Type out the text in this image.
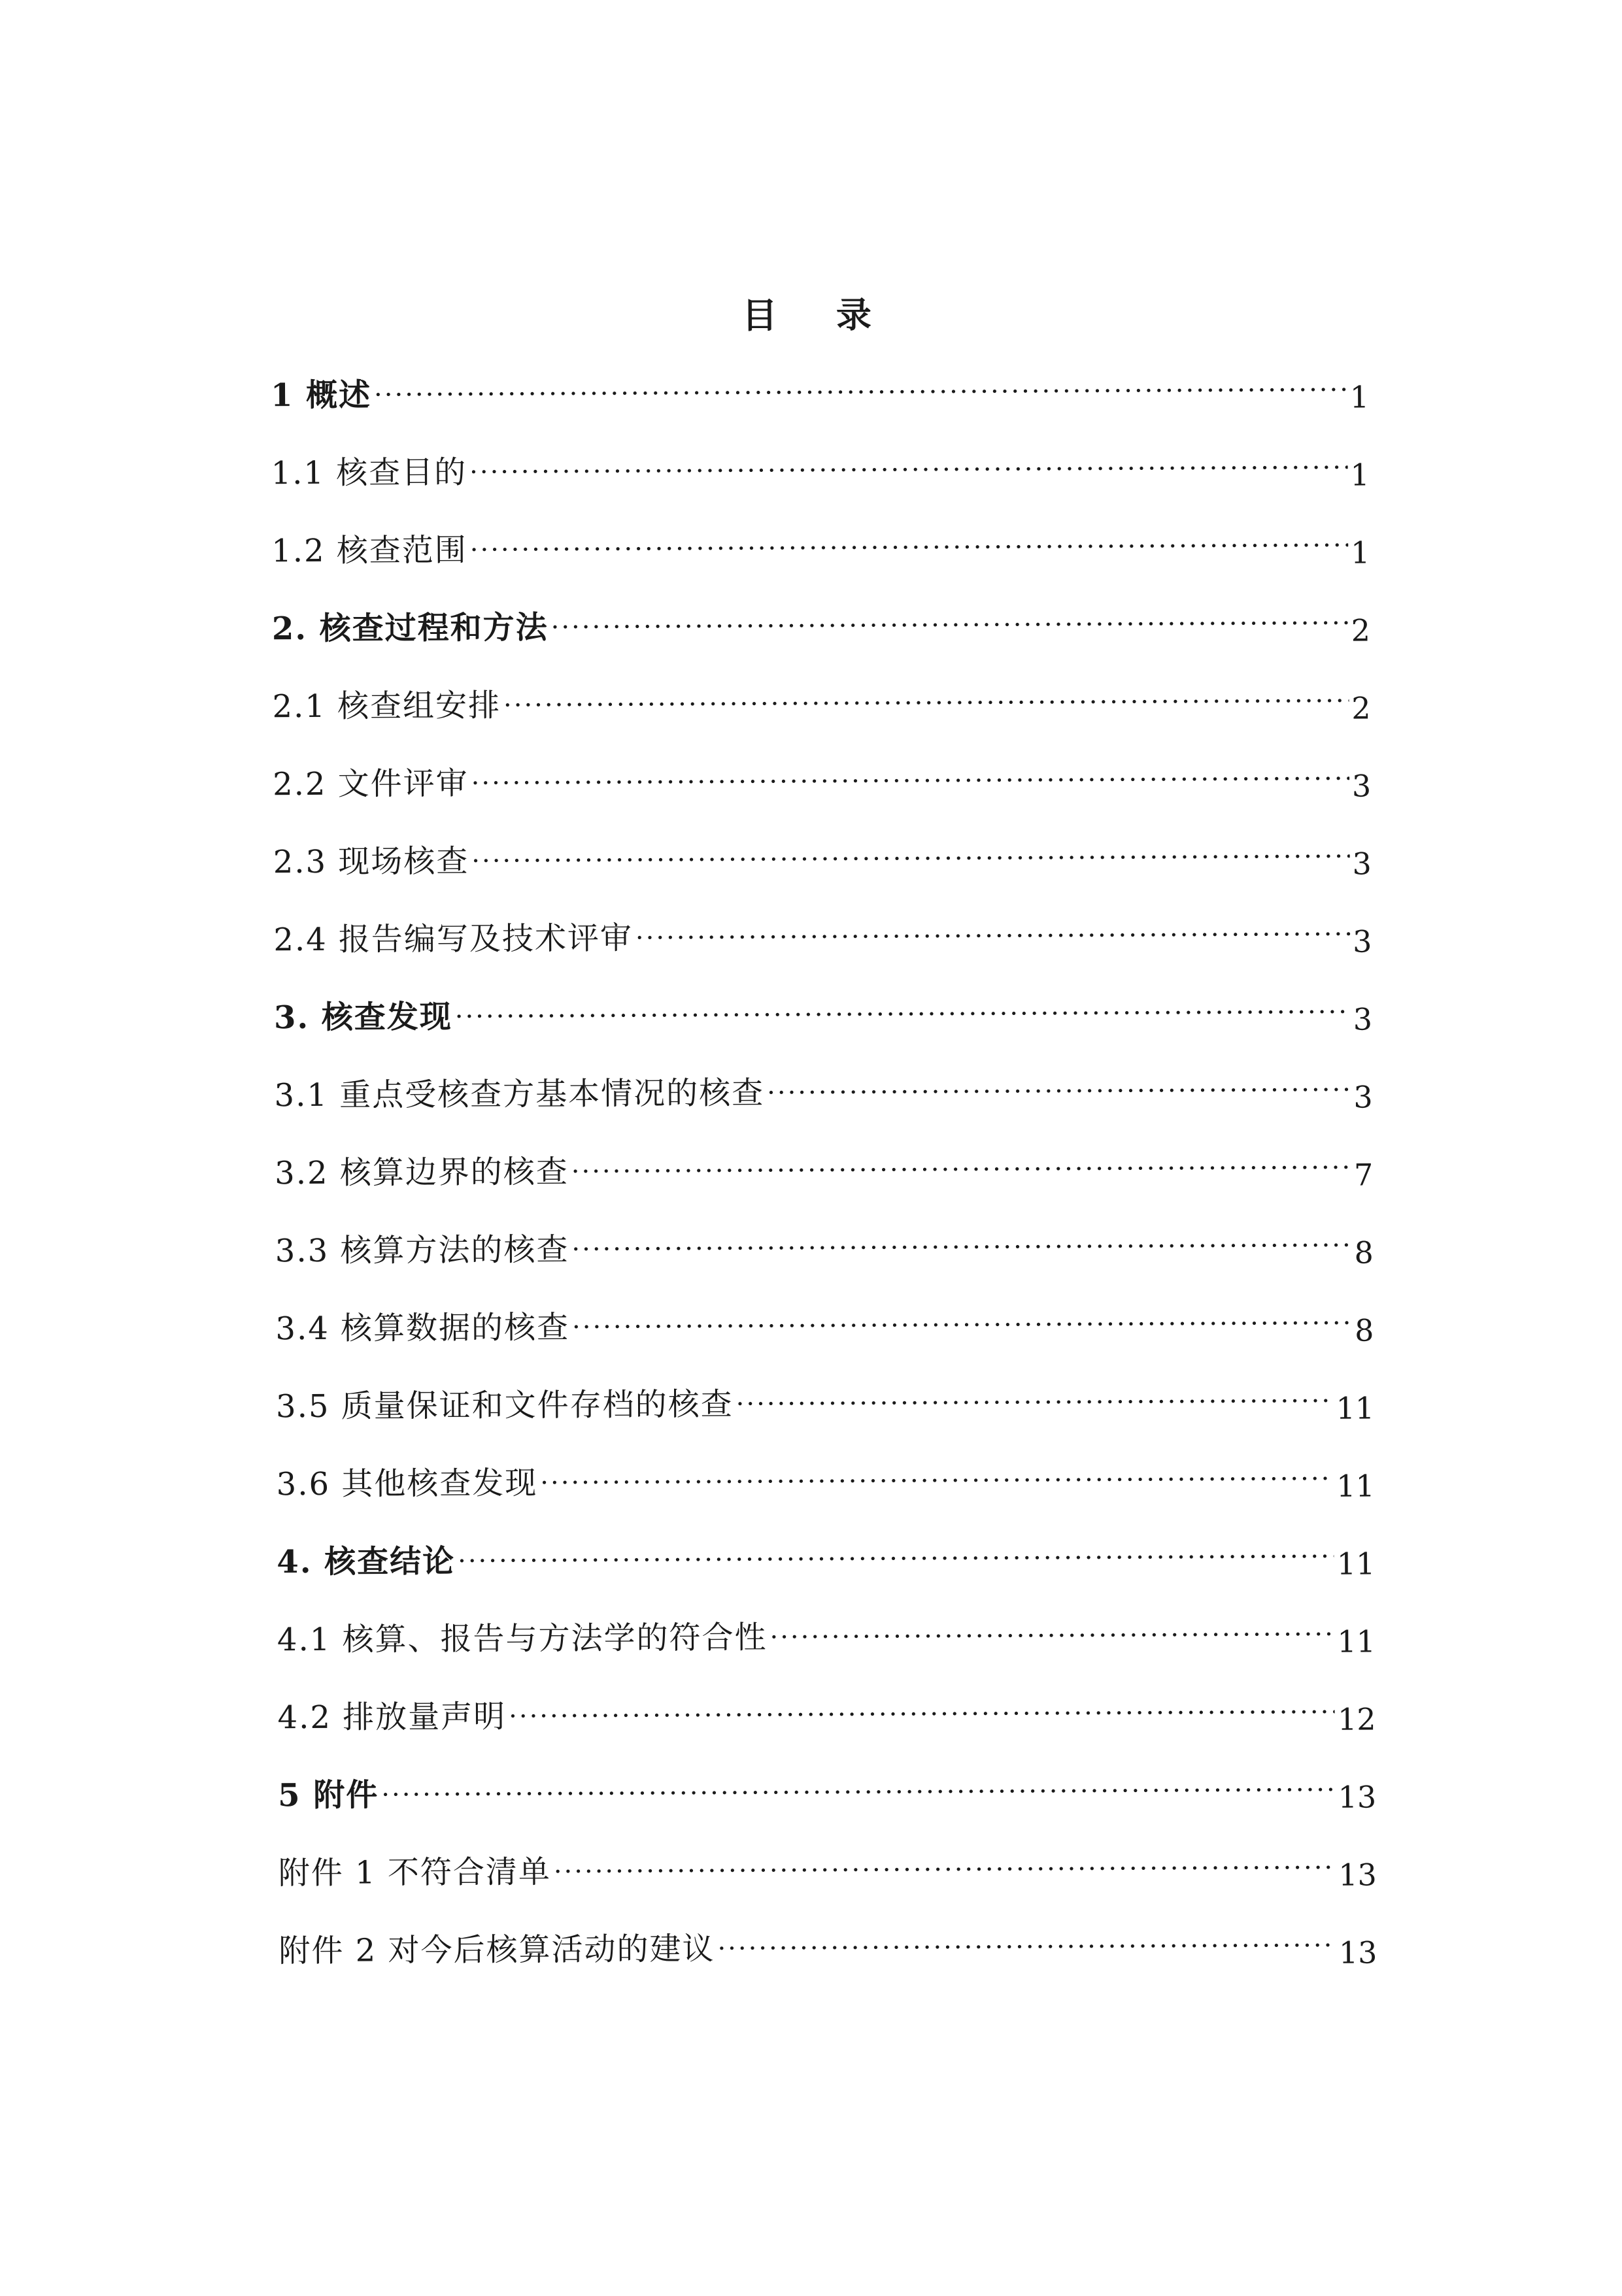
目录
1 概述 ·····	1
1.1 核查目的 ·····	1
1.2 核查范围 ·····	1
2. 核查过程和方法 ·····	2
2.1 核查组安排 ·····	2
2.2 文件评审 ·····	3
2.3 现场核查 ·····	3
2.4 报告编写及技术评审 ·····	3
3. 核查发现 ·····	3
3.1 重点受核查方基本情况的核查 ·····	3
3.2 核算边界的核查 ·····	7
3.3 核算方法的核查 ·····	8
3.4 核算数据的核查 ·····	8
3.5 质量保证和文件存档的核查 ·····	11
3.6 其他核查发现 ·····	11
4. 核查结论 ·····	11
4.1 核算、报告与方法学的符合性 ·····	11
4.2 排放量声明 ·····	12
5 附件 ·····	13
附件 1 不符合清单 ·····	13
附件 2 对今后核算活动的建议 ·····	13
